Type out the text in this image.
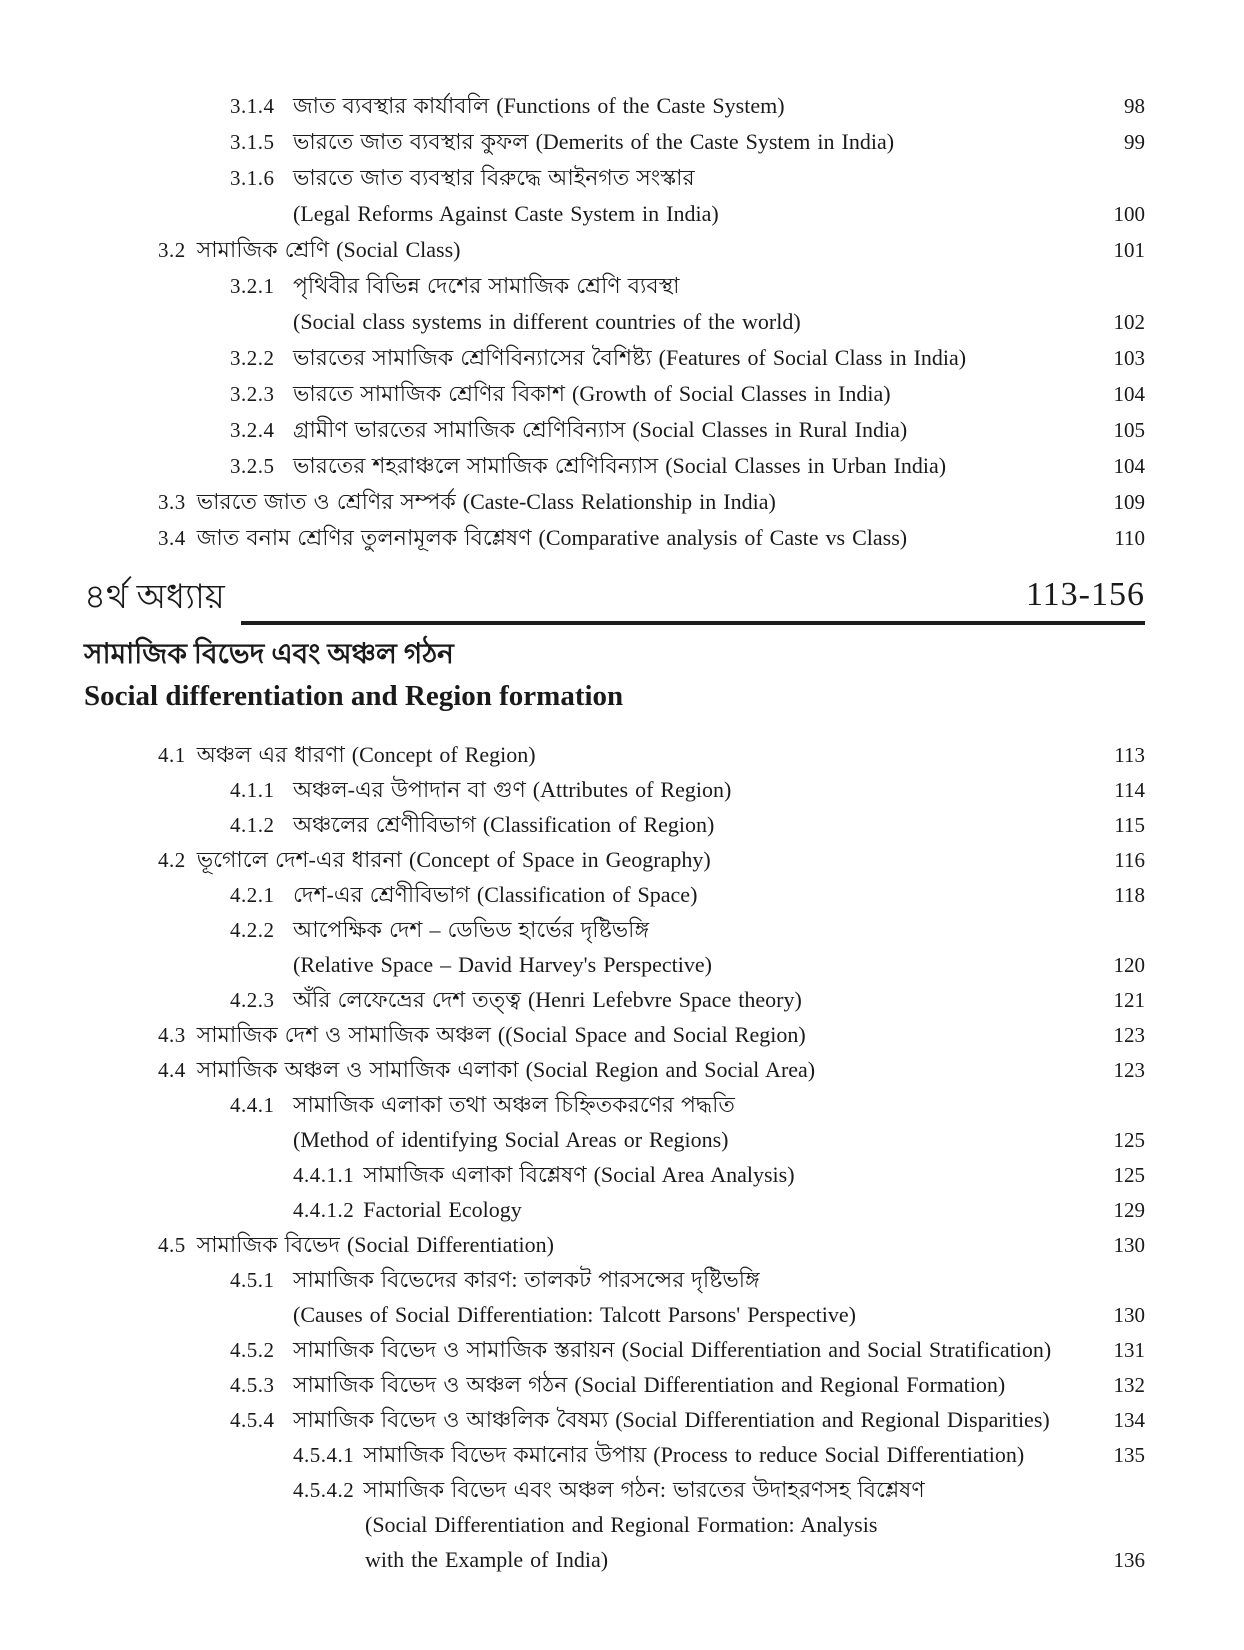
3.1.4 জাত ব্যবস্থার কার্যাবলি (Functions of the Caste System)	98
3.1.5 ভারতে জাত ব্যবস্থার কুফল (Demerits of the Caste System in India)	99
3.1.6 ভারতে জাত ব্যবস্থার বিরুদ্ধে আইনগত সংস্কার
(Legal Reforms Against Caste System in India)	100
3.2 সামাজিক শ্রেণি (Social Class)	101
3.2.1 পৃথিবীর বিভিন্ন দেশের সামাজিক শ্রেণি ব্যবস্থা
(Social class systems in different countries of the world)	102
3.2.2 ভারতের সামাজিক শ্রেণিবিন্যাসের বৈশিষ্ট্য (Features of Social Class in India)	103
3.2.3 ভারতে সামাজিক শ্রেণির বিকাশ (Growth of Social Classes in India)	104
3.2.4 গ্রামীণ ভারতের সামাজিক শ্রেণিবিন্যাস (Social Classes in Rural India)	105
3.2.5 ভারতের শহরাঞ্চলে সামাজিক শ্রেণিবিন্যাস (Social Classes in Urban India)	104
3.3 ভারতে জাত ও শ্রেণির সম্পর্ক (Caste-Class Relationship in India)	109
3.4 জাত বনাম শ্রেণির তুলনামূলক বিশ্লেষণ (Comparative analysis of Caste vs Class)	110
৪র্থ অধ্যায়	113-156
সামাজিক বিভেদ এবং অঞ্চল গঠন
Social differentiation and Region formation
4.1 অঞ্চল এর ধারণা (Concept of Region)	113
4.1.1 অঞ্চল-এর উপাদান বা গুণ (Attributes of Region)	114
4.1.2 অঞ্চলের শ্রেণীবিভাগ (Classification of Region)	115
4.2 ভূগোলে দেশ-এর ধারনা (Concept of Space in Geography)	116
4.2.1 দেশ-এর শ্রেণীবিভাগ (Classification of Space)	118
4.2.2 আপেক্ষিক দেশ – ডেভিড হার্ভের দৃষ্টিভঙ্গি
(Relative Space – David Harvey's Perspective)	120
4.2.3 অঁরি লেফেভ্রের দেশ তত্ত্ব (Henri Lefebvre Space theory)	121
4.3 সামাজিক দেশ ও সামাজিক অঞ্চল ((Social Space and Social Region)	123
4.4 সামাজিক অঞ্চল ও সামাজিক এলাকা (Social Region and Social Area)	123
4.4.1 সামাজিক এলাকা তথা অঞ্চল চিহ্নিতকরণের পদ্ধতি
(Method of identifying Social Areas or Regions)	125
4.4.1.1 সামাজিক এলাকা বিশ্লেষণ (Social Area Analysis)	125
4.4.1.2 Factorial Ecology	129
4.5 সামাজিক বিভেদ (Social Differentiation)	130
4.5.1 সামাজিক বিভেদের কারণ: তালকট পারসন্সের দৃষ্টিভঙ্গি
(Causes of Social Differentiation: Talcott Parsons' Perspective)	130
4.5.2 সামাজিক বিভেদ ও সামাজিক স্তরায়ন (Social Differentiation and Social Stratification)	131
4.5.3 সামাজিক বিভেদ ও অঞ্চল গঠন (Social Differentiation and Regional Formation)	132
4.5.4 সামাজিক বিভেদ ও আঞ্চলিক বৈষম্য (Social Differentiation and Regional Disparities)	134
4.5.4.1 সামাজিক বিভেদ কমানোর উপায় (Process to reduce Social Differentiation)	135
4.5.4.2 সামাজিক বিভেদ এবং অঞ্চল গঠন: ভারতের উদাহরণসহ বিশ্লেষণ
(Social Differentiation and Regional Formation: Analysis
with the Example of India)	136
